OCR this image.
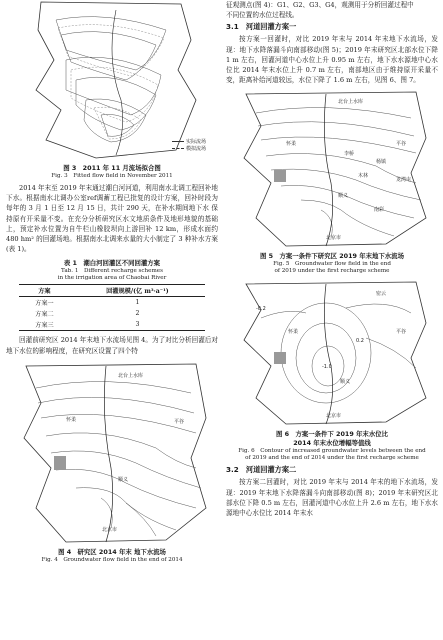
实际流场
模拟流场
图 3　2011 年 11 月流场拟合图
Fig. 3　Fitted flow field in November 2011

2014 年末至 2019 年末通过潮白河河道，利用南水北调工程回补地下水。根据南水北调办公室ref调蓄工程已批复的设计方案，回补时段为每年的 3 月 1 日至 12 月 15 日，共计 290 天，在补水期间地下水 保持原有开采量不变。在充分分析研究区水文地质条件及地形地貌的基础上，预定补水位置为自牛栏山橡胶坝向上游回补 12 km，形成水面约 480 hm² 的回灌场地。根据南水北调来水量的大小制定了 3 种补水方案(表 1)。

表 1　潮白河回灌区不同回灌方案
Tab. 1　Different recharge schemes
in the irrigation area of Chaobai River
方案	回灌规模/(亿 m³·a⁻¹)
方案一	1
方案二	2
方案三	3

回灌前研究区 2014 年末地下水流场见图 4。为了对比分析回灌后对地下水位的影响程度，在研究区设置了四个特

北台上水库
怀柔
顺义
平谷
北京市
图 4　研究区 2014 年末 地下水流场
Fig. 4　Groundwater flow field in the end of 2014

征观测点(图 4)：G1、G2、G3、G4，观测用于分析回灌过程中

不同位置的水位过程线。

3.1　河道回灌方案一

按方案一回灌时，对比 2019 年末与 2014 年末地下水流场，发现：地下水降落漏斗向南部移动(图 5)；2019 年末研究区北部水位下降 1 m 左右，回灌河道中心水位上升 0.95 m 左右，地下水水源地中心水位比 2014 年末水位上升 0.7 m 左右，南部地区由于维持原开采量不变，距离补给河道较远，水位下降了 1.6 m 左右，见图 6、图 7。

北台上水库
怀柔
顺义
北京市
平谷
龙湾屯
南彩
杨镇
木林
李桥
图 5　方案一条件下研究区 2019 年末地下水流场
Fig. 5　Groundwater flow field in the end
of 2019 under the first recharge scheme
密云
怀柔
顺义
北京市
平谷
-0.2
-1.0
0.2
图 6　方案一条件下 2019 年末水位比
2014 年末水位增幅等值线
Fig. 6　Contour of increased groundwater levels between the end
of 2019 and the end of 2014 under the first recharge scheme
3.2　河道回灌方案二

按方案二回灌时，对比 2019 年末与 2014 年末的地下水流场，发现：2019 年末地下水降落漏斗向南部移动(图 8)；2019 年末研究区北部水位下降 0.5 m 左右，回灌河道中心水位上升 2.6 m 左右，地下水水源地中心水位比 2014 年末水
